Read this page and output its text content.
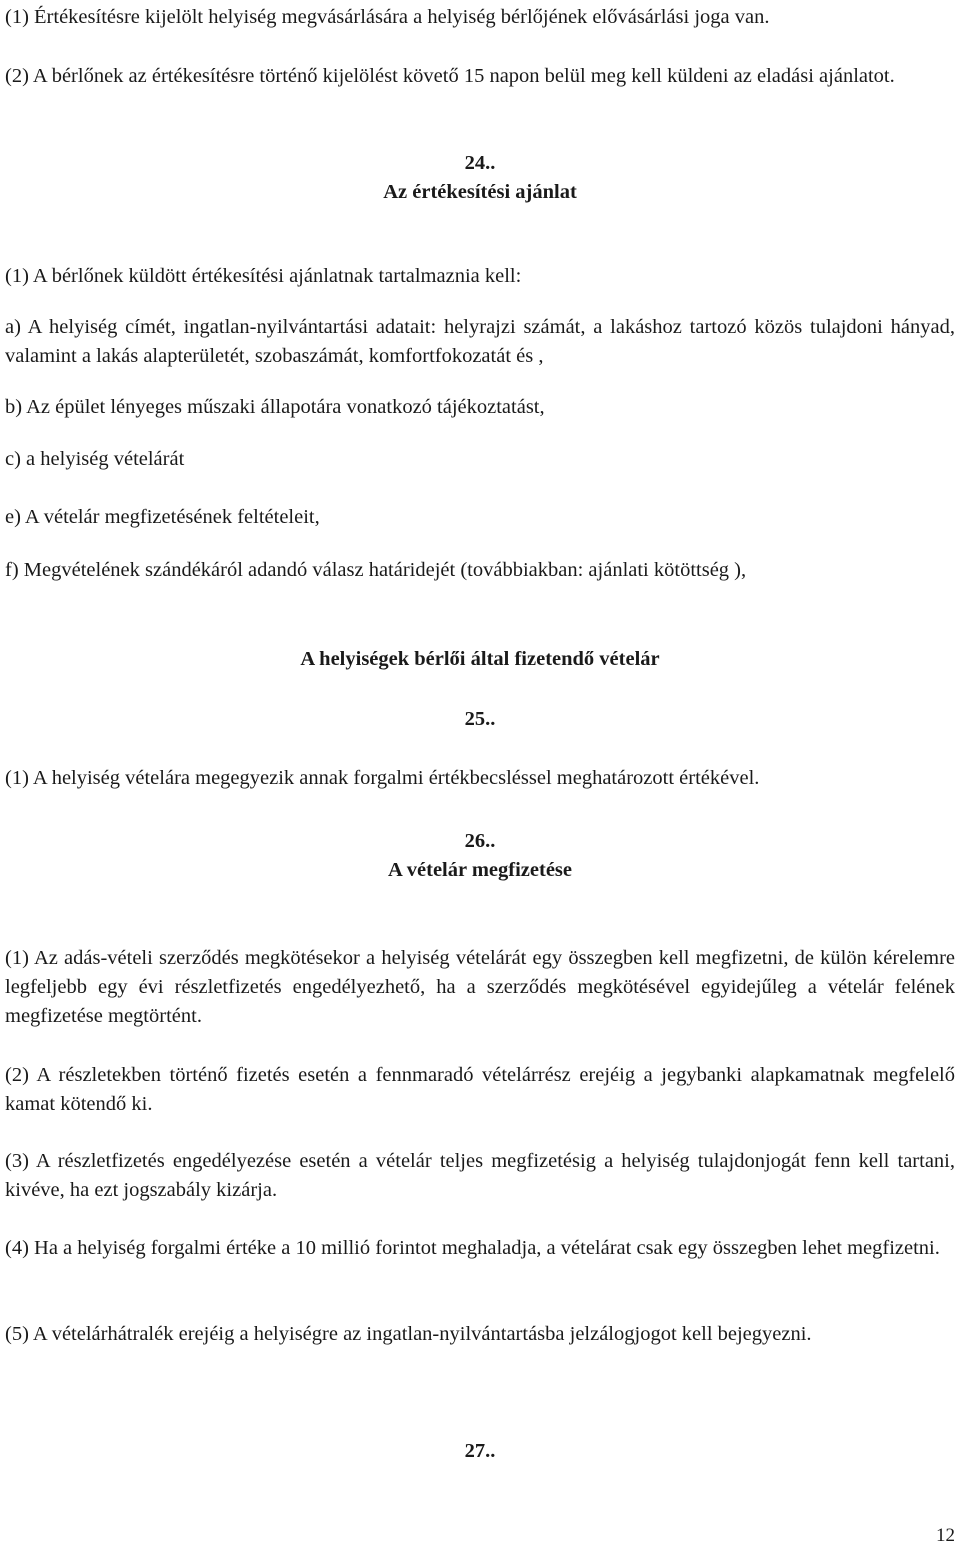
(1) Értékesítésre kijelölt helyiség megvásárlására a helyiség bérlőjének elővásárlási joga van.

(2) A bérlőnek az értékesítésre történő kijelölést követő 15 napon belül meg kell küldeni az eladási ajánlatot.

24..

Az értékesítési ajánlat

(1) A bérlőnek küldött értékesítési ajánlatnak tartalmaznia kell:

a) A helyiség címét, ingatlan-nyilvántartási adatait: helyrajzi számát, a lakáshoz tartozó közös tulajdoni hányad, valamint a lakás alapterületét, szobaszámát, komfortfokozatát és ,

b) Az épület lényeges műszaki állapotára vonatkozó tájékoztatást,

c) a helyiség vételárát

e) A vételár megfizetésének feltételeit,

f) Megvételének szándékáról adandó válasz határidejét (továbbiakban: ajánlati kötöttség ),

A helyiségek bérlői által fizetendő vételár

25..

(1) A helyiség vételára megegyezik annak forgalmi értékbecsléssel meghatározott értékével.

26..

A vételár megfizetése

(1) Az adás-vételi szerződés megkötésekor a helyiség vételárát egy összegben kell megfizetni, de külön kérelemre legfeljebb egy évi részletfizetés engedélyezhető, ha a szerződés megkötésével egyidejűleg a vételár felének megfizetése megtörtént.

(2) A részletekben történő fizetés esetén a fennmaradó vételárrész erejéig a jegybanki alapkamatnak megfelelő kamat kötendő ki.

(3) A részletfizetés engedélyezése esetén a vételár teljes megfizetésig a helyiség tulajdonjogát fenn kell tartani, kivéve, ha ezt jogszabály kizárja.

(4) Ha a helyiség forgalmi értéke a 10 millió forintot meghaladja, a vételárat csak egy összegben lehet megfizetni.

(5) A vételárhátralék erejéig a helyiségre az ingatlan-nyilvántartásba jelzálogjogot kell bejegyezni.

27..

12
